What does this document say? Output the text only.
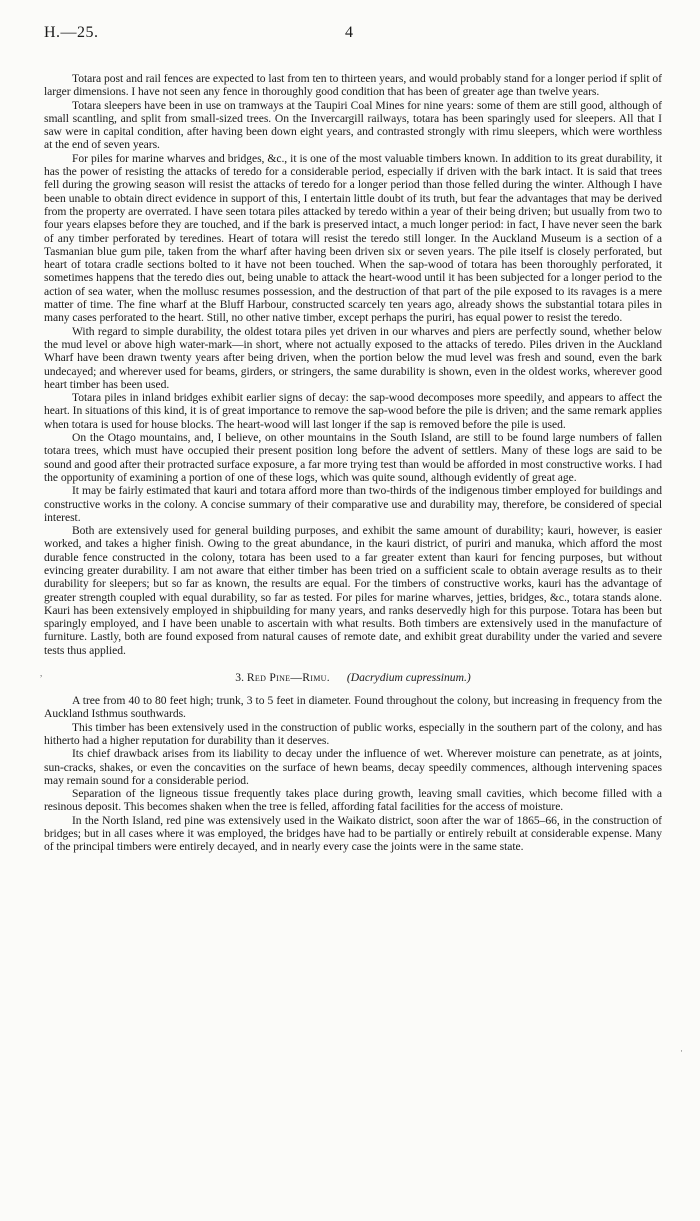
H.—25.	4

Totara post and rail fences are expected to last from ten to thirteen years, and would probably stand for a longer period if split of larger dimensions. I have not seen any fence in thoroughly good condition that has been of greater age than twelve years.

Totara sleepers have been in use on tramways at the Taupiri Coal Mines for nine years: some of them are still good, although of small scantling, and split from small-sized trees. On the Invercargill railways, totara has been sparingly used for sleepers. All that I saw were in capital condition, after having been down eight years, and contrasted strongly with rimu sleepers, which were worthless at the end of seven years.

For piles for marine wharves and bridges, &c., it is one of the most valuable timbers known. In addition to its great durability, it has the power of resisting the attacks of teredo for a considerable period, especially if driven with the bark intact. It is said that trees fell during the growing season will resist the attacks of teredo for a longer period than those felled during the winter. Although I have been unable to obtain direct evidence in support of this, I entertain little doubt of its truth, but fear the advantages that may be derived from the property are overrated. I have seen totara piles attacked by teredo within a year of their being driven; but usually from two to four years elapses before they are touched, and if the bark is preserved intact, a much longer period: in fact, I have never seen the bark of any timber perforated by teredines. Heart of totara will resist the teredo still longer. In the Auckland Museum is a section of a Tasmanian blue gum pile, taken from the wharf after having been driven six or seven years. The pile itself is closely perforated, but heart of totara cradle sections bolted to it have not been touched. When the sap-wood of totara has been thoroughly perforated, it sometimes happens that the teredo dies out, being unable to attack the heart-wood until it has been subjected for a longer period to the action of sea water, when the mollusc resumes possession, and the destruction of that part of the pile exposed to its ravages is a mere matter of time. The fine wharf at the Bluff Harbour, constructed scarcely ten years ago, already shows the substantial totara piles in many cases perforated to the heart. Still, no other native timber, except perhaps the puriri, has equal power to resist the teredo.

With regard to simple durability, the oldest totara piles yet driven in our wharves and piers are perfectly sound, whether below the mud level or above high water-mark—in short, where not actually exposed to the attacks of teredo. Piles driven in the Auckland Wharf have been drawn twenty years after being driven, when the portion below the mud level was fresh and sound, even the bark undecayed; and wherever used for beams, girders, or stringers, the same durability is shown, even in the oldest works, wherever good heart timber has been used.

Totara piles in inland bridges exhibit earlier signs of decay: the sap-wood decomposes more speedily, and appears to affect the heart. In situations of this kind, it is of great importance to remove the sap-wood before the pile is driven; and the same remark applies when totara is used for house blocks. The heart-wood will last longer if the sap is removed before the pile is used.

On the Otago mountains, and, I believe, on other mountains in the South Island, are still to be found large numbers of fallen totara trees, which must have occupied their present position long before the advent of settlers. Many of these logs are said to be sound and good after their protracted surface exposure, a far more trying test than would be afforded in most constructive works. I had the opportunity of examining a portion of one of these logs, which was quite sound, although evidently of great age.

It may be fairly estimated that kauri and totara afford more than two-thirds of the indigenous timber employed for buildings and constructive works in the colony. A concise summary of their comparative use and durability may, therefore, be considered of special interest.

Both are extensively used for general building purposes, and exhibit the same amount of durability; kauri, however, is easier worked, and takes a higher finish. Owing to the great abundance, in the kauri district, of puriri and manuka, which afford the most durable fence constructed in the colony, totara has been used to a far greater extent than kauri for fencing purposes, but without evincing greater durability. I am not aware that either timber has been tried on a sufficient scale to obtain average results as to their durability for sleepers; but so far as known, the results are equal. For the timbers of constructive works, kauri has the advantage of greater strength coupled with equal durability, so far as tested. For piles for marine wharves, jetties, bridges, &c., totara stands alone. Kauri has been extensively employed in shipbuilding for many years, and ranks deservedly high for this purpose. Totara has been but sparingly employed, and I have been unable to ascertain with what results. Both timbers are extensively used in the manufacture of furniture. Lastly, both are found exposed from natural causes of remote date, and exhibit great durability under the varied and severe tests thus applied.

3. Red Pine—Rimu. (Dacrydium cupressinum.)

A tree from 40 to 80 feet high; trunk, 3 to 5 feet in diameter. Found throughout the colony, but increasing in frequency from the Auckland Isthmus southwards.

This timber has been extensively used in the construction of public works, especially in the southern part of the colony, and has hitherto had a higher reputation for durability than it deserves.

Its chief drawback arises from its liability to decay under the influence of wet. Wherever moisture can penetrate, as at joints, sun-cracks, shakes, or even the concavities on the surface of hewn beams, decay speedily commences, although intervening spaces may remain sound for a considerable period.

Separation of the ligneous tissue frequently takes place during growth, leaving small cavities, which become filled with a resinous deposit. This becomes shaken when the tree is felled, affording fatal facilities for the access of moisture.

In the North Island, red pine was extensively used in the Waikato district, soon after the war of 1865–66, in the construction of bridges; but in all cases where it was employed, the bridges have had to be partially or entirely rebuilt at considerable expense. Many of the principal timbers were entirely decayed, and in nearly every case the joints were in the same state.

,
·
